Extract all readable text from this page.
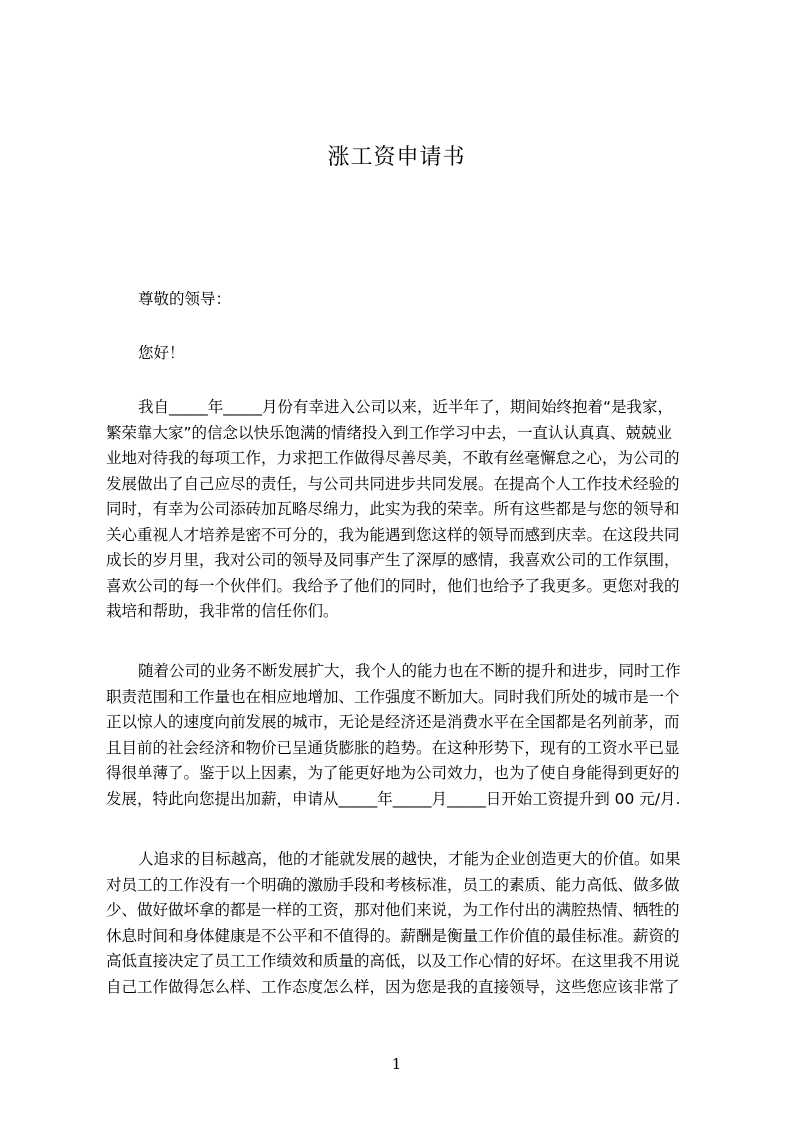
涨工资申请书
尊敬的领导：
您好！
我自_____年_____月份有幸进入公司以来，近半年了，期间始终抱着“是我家，
繁荣靠大家”的信念以快乐饱满的情绪投入到工作学习中去，一直认认真真、兢兢业
业地对待我的每项工作，力求把工作做得尽善尽美，不敢有丝毫懈怠之心，为公司的
发展做出了自己应尽的责任，与公司共同进步共同发展。在提高个人工作技术经验的
同时，有幸为公司添砖加瓦略尽绵力，此实为我的荣幸。所有这些都是与您的领导和
关心重视人才培养是密不可分的，我为能遇到您这样的领导而感到庆幸。在这段共同
成长的岁月里，我对公司的领导及同事产生了深厚的感情，我喜欢公司的工作氛围，
喜欢公司的每一个伙伴们。我给予了他们的同时，他们也给予了我更多。更您对我的
栽培和帮助，我非常的信任你们。
随着公司的业务不断发展扩大，我个人的能力也在不断的提升和进步，同时工作
职责范围和工作量也在相应地增加、工作强度不断加大。同时我们所处的城市是一个
正以惊人的速度向前发展的城市，无论是经济还是消费水平在全国都是名列前茅，而
且目前的社会经济和物价已呈通货膨胀的趋势。在这种形势下，现有的工资水平已显
得很单薄了。鉴于以上因素，为了能更好地为公司效力，也为了使自身能得到更好的
发展，特此向您提出加薪，申请从_____年_____月_____日开始工资提升到 00 元/月.
人追求的目标越高，他的才能就发展的越快，才能为企业创造更大的价值。如果
对员工的工作没有一个明确的激励手段和考核标准，员工的素质、能力高低、做多做
少、做好做坏拿的都是一样的工资，那对他们来说，为工作付出的满腔热情、牺牲的
休息时间和身体健康是不公平和不值得的。薪酬是衡量工作价值的最佳标准。薪资的
高低直接决定了员工工作绩效和质量的高低，以及工作心情的好坏。在这里我不用说
自己工作做得怎么样、工作态度怎么样，因为您是我的直接领导，这些您应该非常了
1
